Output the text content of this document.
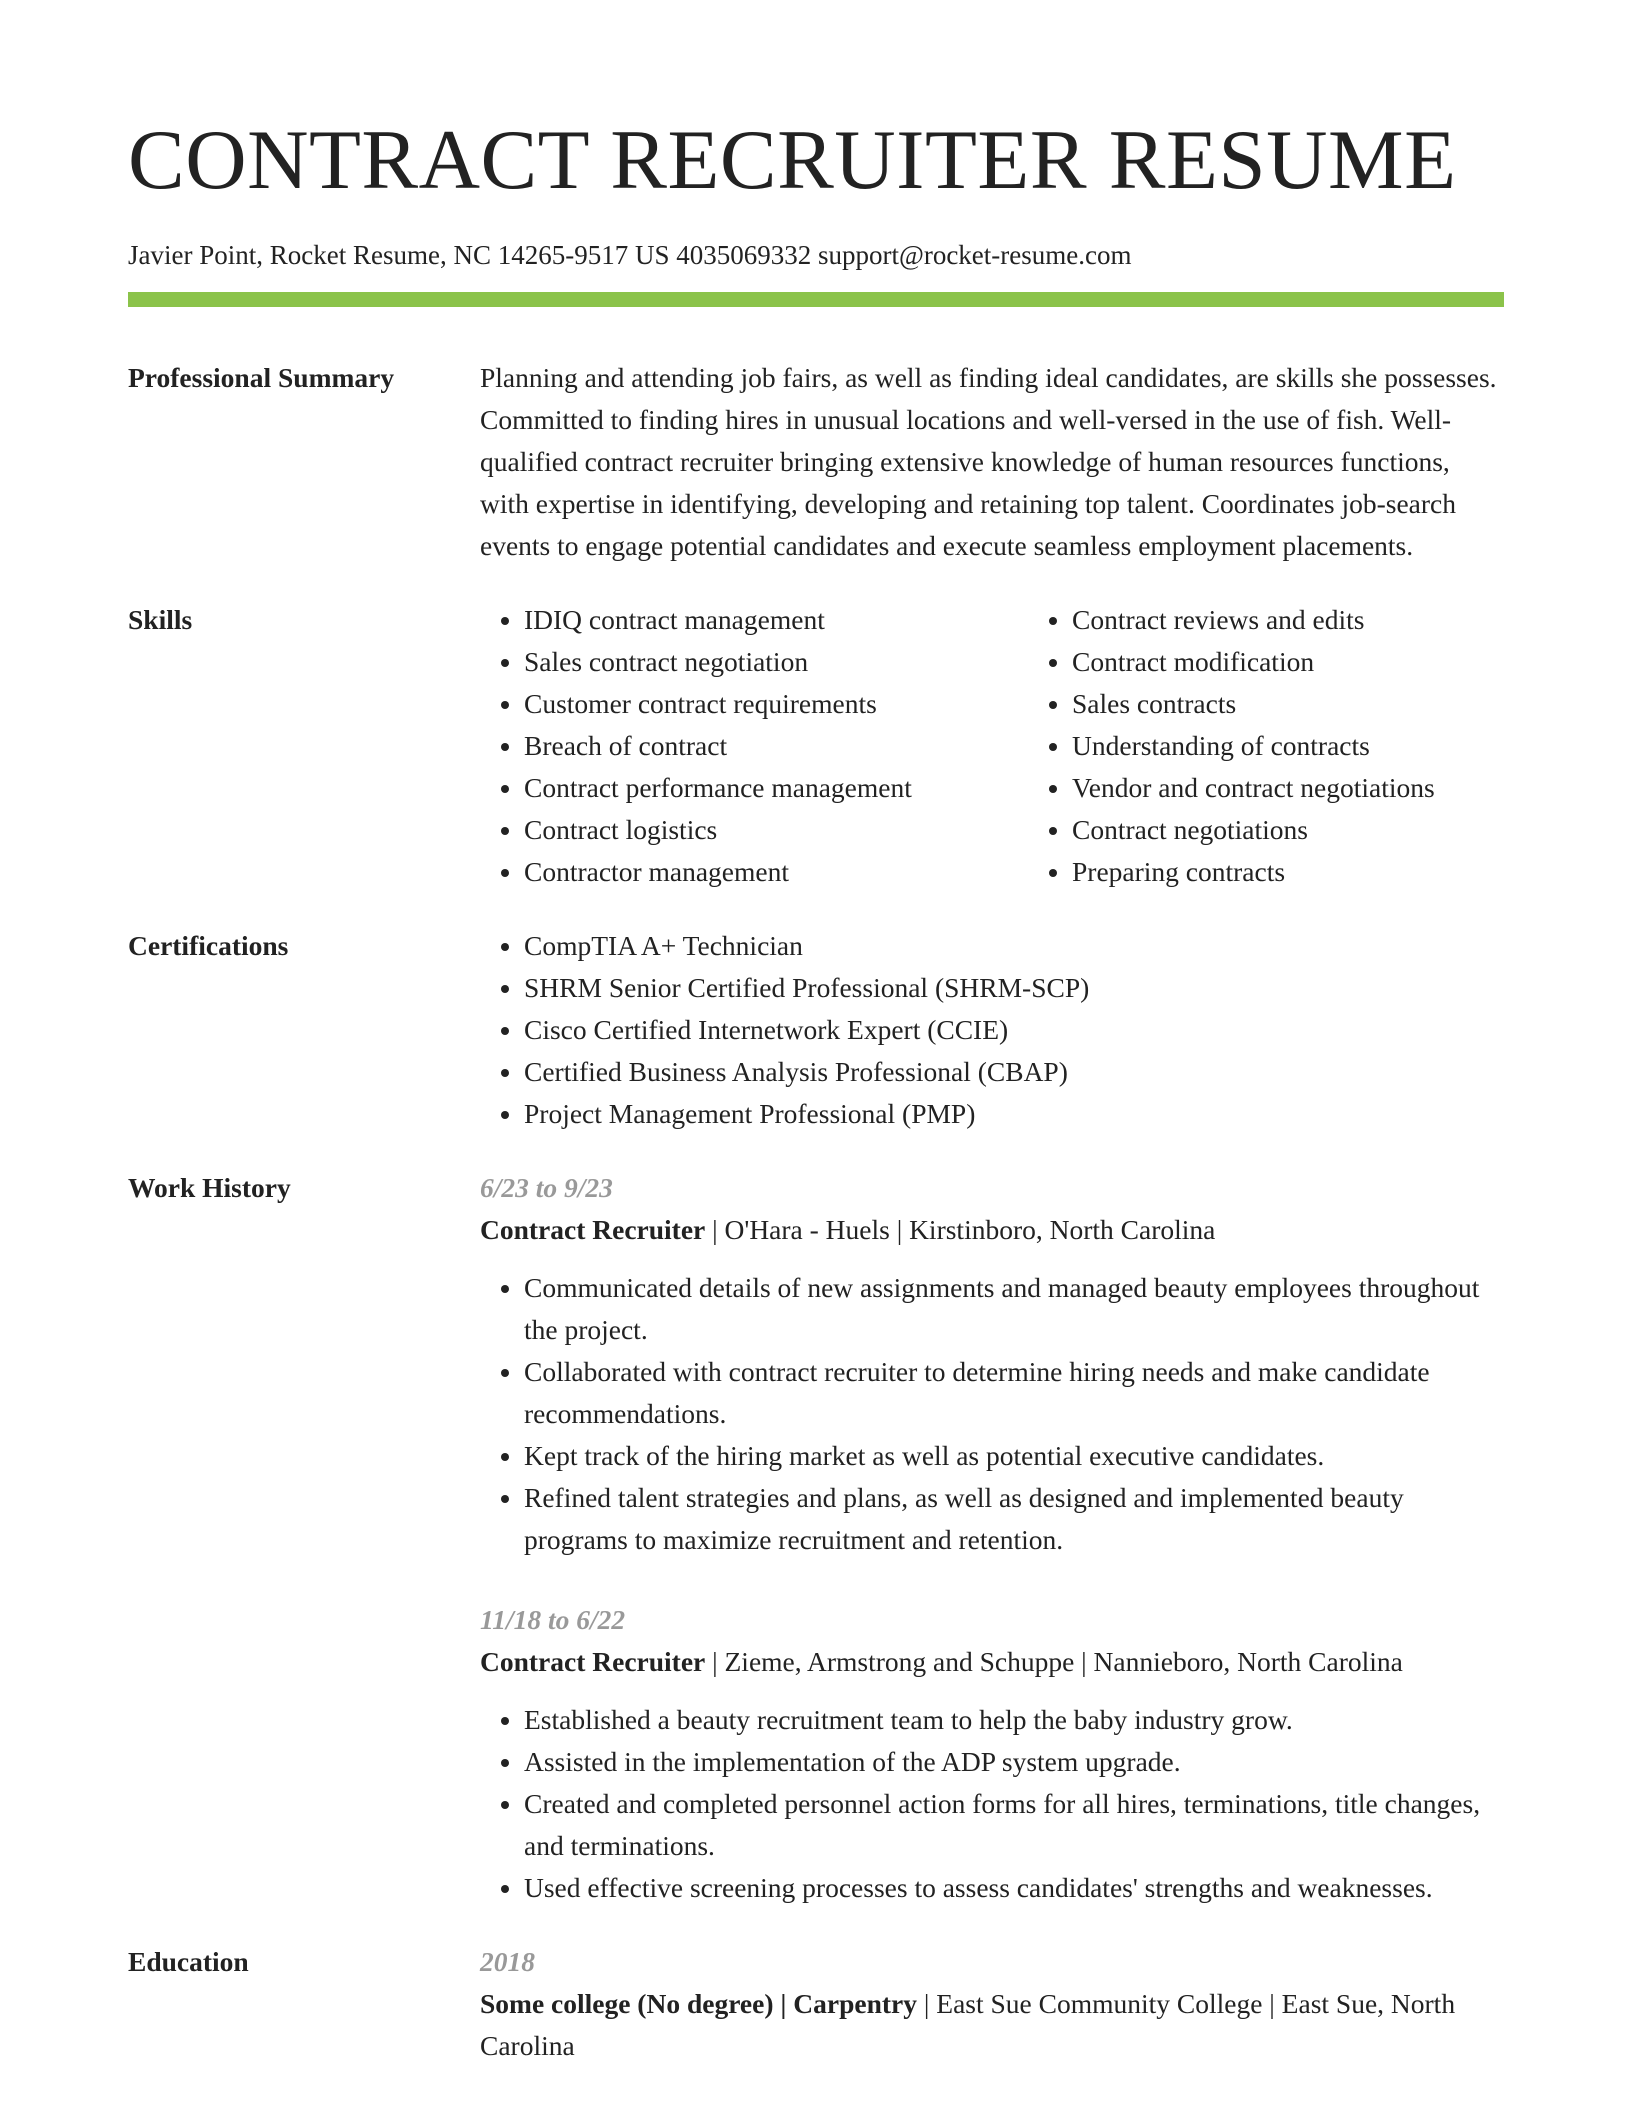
CONTRACT RECRUITER RESUME
Javier Point, Rocket Resume, NC 14265-9517 US 4035069332 support@rocket-resume.com
Professional Summary	Planning and attending job fairs, as well as finding ideal candidates, are skills she possesses. Committed to finding hires in unusual locations and well-versed in the use of fish. Well-qualified contract recruiter bringing extensive knowledge of human resources functions, with expertise in identifying, developing and retaining top talent. Coordinates job-search events to engage potential candidates and execute seamless employment placements.
Skills	• IDIQ contract management
• Sales contract negotiation
• Customer contract requirements
• Breach of contract
• Contract performance management
• Contract logistics
• Contractor management
• Contract reviews and edits
• Contract modification
• Sales contracts
• Understanding of contracts
• Vendor and contract negotiations
• Contract negotiations
• Preparing contracts
Certifications	• CompTIA A+ Technician
• SHRM Senior Certified Professional (SHRM-SCP)
• Cisco Certified Internetwork Expert (CCIE)
• Certified Business Analysis Professional (CBAP)
• Project Management Professional (PMP)
Work History	6/23 to 9/23
Contract Recruiter | O'Hara - Huels | Kirstinboro, North Carolina
• Communicated details of new assignments and managed beauty employees throughout the project.
• Collaborated with contract recruiter to determine hiring needs and make candidate recommendations.
• Kept track of the hiring market as well as potential executive candidates.
• Refined talent strategies and plans, as well as designed and implemented beauty programs to maximize recruitment and retention.
11/18 to 6/22
Contract Recruiter | Zieme, Armstrong and Schuppe | Nannieboro, North Carolina
• Established a beauty recruitment team to help the baby industry grow.
• Assisted in the implementation of the ADP system upgrade.
• Created and completed personnel action forms for all hires, terminations, title changes, and terminations.
• Used effective screening processes to assess candidates' strengths and weaknesses.
Education	2018
Some college (No degree) | Carpentry | East Sue Community College | East Sue, North Carolina
